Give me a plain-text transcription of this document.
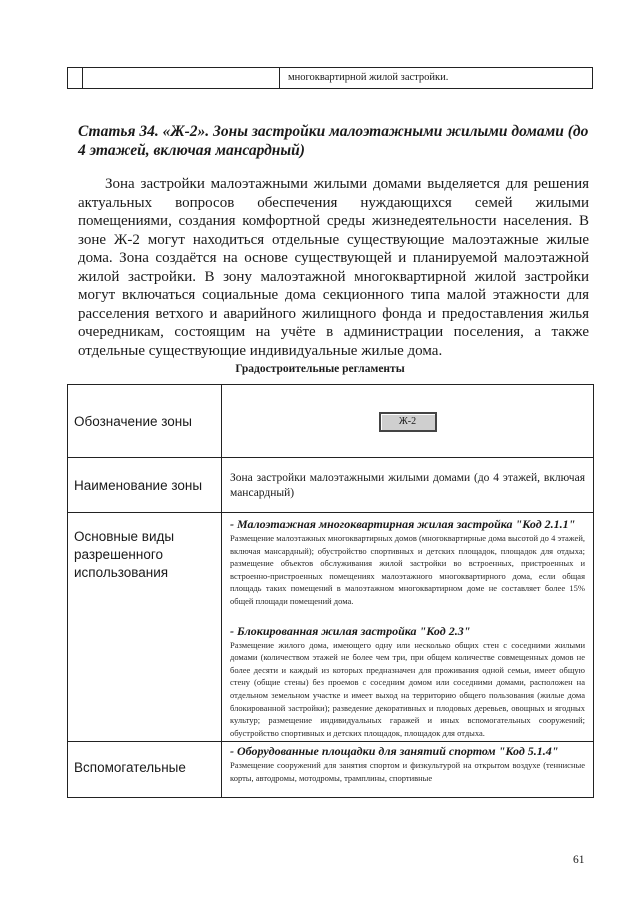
многоквартирной жилой застройки.
Статья 34. «Ж-2». Зоны застройки малоэтажными жилыми домами (до 4 этажей, включая мансардный)

Зона застройки малоэтажными жилыми домами выделяется для решения актуальных вопросов обеспечения нуждающихся семей жилыми помещениями, создания комфортной среды жизнедеятельности населения. В зоне Ж-2 могут находиться отдельные существующие малоэтажные жилые дома. Зона создаётся на основе существующей и планируемой малоэтажной жилой застройки. В зону малоэтажной многоквартирной жилой застройки могут включаться социальные дома секционного типа малой этажности для расселения ветхого и аварийного жилищного фонда и предоставления жилья очередникам, состоящим на учёте в администрации поселения, а также отдельные существующие индивидуальные жилые дома.

Градостроительные регламенты
Обозначение зоны	Ж-2
Наименование зоны	Зона застройки малоэтажными жилыми домами (до 4 этажей, включая мансардный)
Основные виды разрешенного использования	- Малоэтажная многоквартирная жилая застройка "Код 2.1.1"

Размещение малоэтажных многоквартирных домов (многоквартирные дома высотой до 4 этажей, включая мансардный); обустройство спортивных и детских площадок, площадок для отдыха; размещение объектов обслуживания жилой застройки во встроенных, пристроенных и встроенно-пристроенных помещениях малоэтажного многоквартирного дома, если общая площадь таких помещений в малоэтажном многоквартирном доме не составляет более 15% общей площади помещений дома.

- Блокированная жилая застройка "Код 2.3"

Размещение жилого дома, имеющего одну или несколько общих стен с соседними жилыми домами (количеством этажей не более чем три, при общем количестве совмещенных домов не более десяти и каждый из которых предназначен для проживания одной семьи, имеет общую стену (общие стены) без проемов с соседним домом или соседними домами, расположен на отдельном земельном участке и имеет выход на территорию общего пользования (жилые дома блокированной застройки); разведение декоративных и плодовых деревьев, овощных и ягодных культур; размещение индивидуальных гаражей и иных вспомогательных сооружений; обустройство спортивных и детских площадок, площадок для отдыха.

Вспомогательные	- Оборудованные площадки для занятий спортом "Код 5.1.4"

Размещение сооружений для занятия спортом и физкультурой на открытом воздухе (теннисные корты, автодромы, мотодромы, трамплины, спортивные

61
